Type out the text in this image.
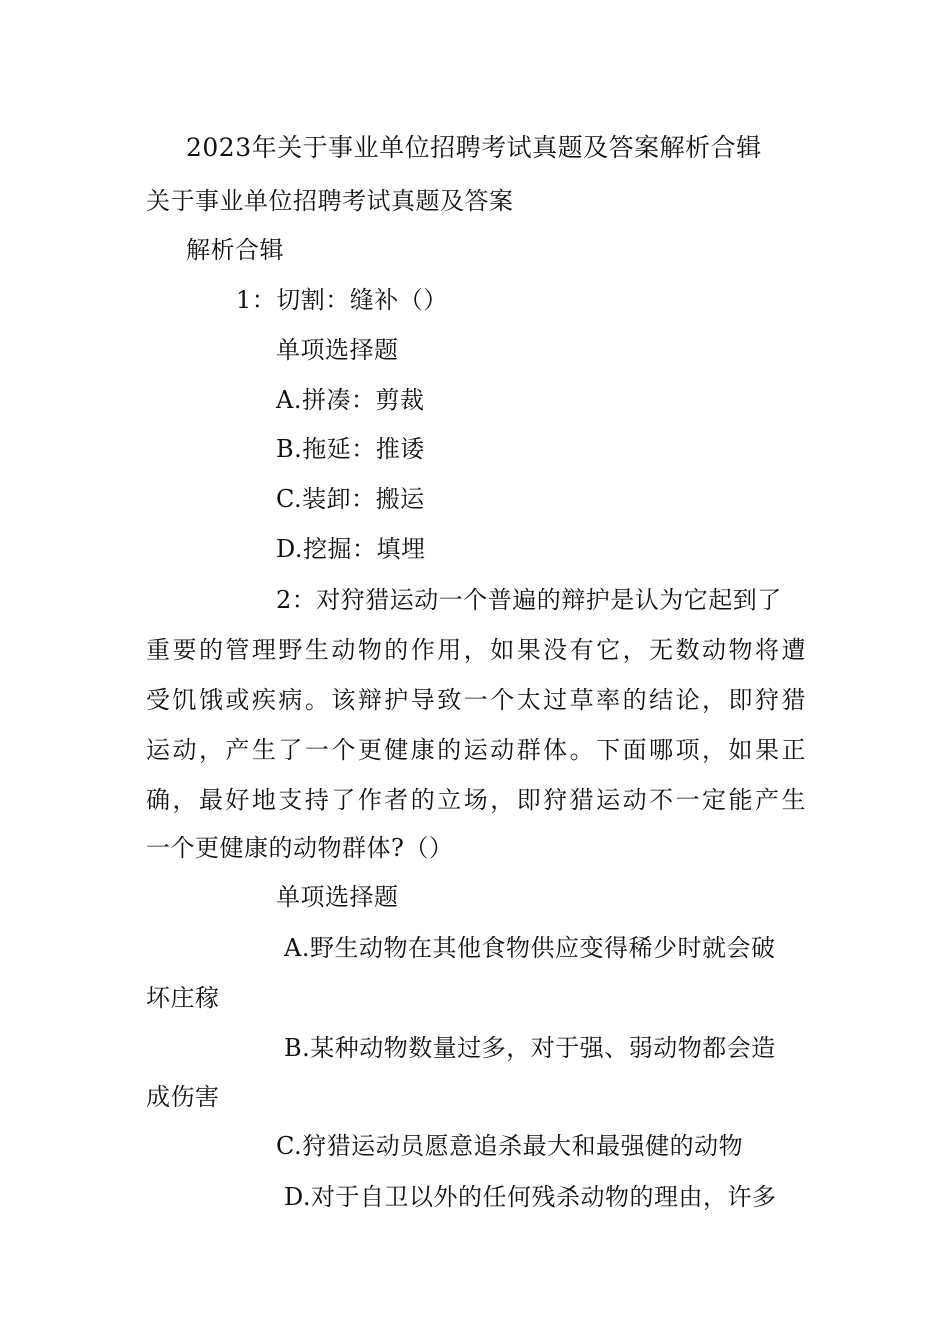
2023年关于事业单位招聘考试真题及答案解析合辑
关于事业单位招聘考试真题及答案
解析合辑
1：切割：缝补（）
单项选择题
A.拼凑：剪裁
B.拖延：推诿
C.装卸：搬运
D.挖掘：填埋
2：对狩猎运动一个普遍的辩护是认为它起到了
重要的管理野生动物的作用，如果没有它，无数动物将遭
受饥饿或疾病。该辩护导致一个太过草率的结论，即狩猎
运动，产生了一个更健康的运动群体。下面哪项，如果正
确，最好地支持了作者的立场，即狩猎运动不一定能产生
一个更健康的动物群体?（）
单项选择题
A.野生动物在其他食物供应变得稀少时就会破
坏庄稼
B.某种动物数量过多，对于强、弱动物都会造
成伤害
C.狩猎运动员愿意追杀最大和最强健的动物
D.对于自卫以外的任何残杀动物的理由，许多
